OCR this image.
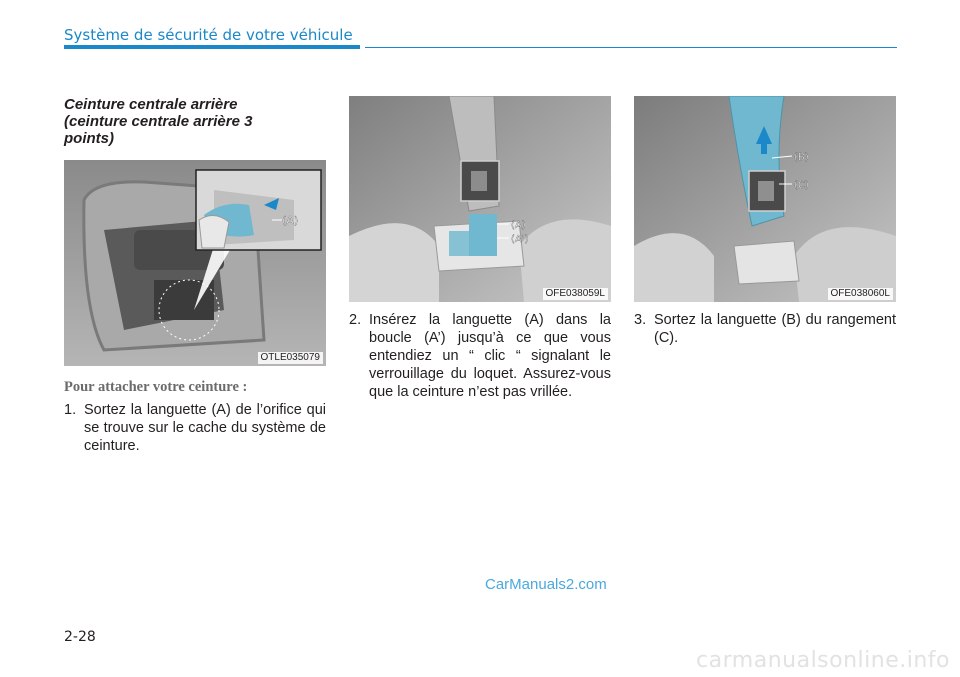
Système de sécurité de votre véhicule
Ceinture centrale arrière
(ceinture centrale arrière 3
points)
(A)
OTLE035079
Pour attacher votre ceinture :
1. Sortez la languette (A) de l’orifice qui se trouve sur le cache du système de ceinture.
(A)
(A')
OFE038059L
2. Insérez la languette (A) dans la boucle (A’) jusqu’à ce que vous entendiez un “ clic “ signalant le verrouillage du loquet. Assurez-vous que la ceinture n’est pas vrillée.
(B)
(C)
OFE038060L
3. Sortez la languette (B) du rangement (C).
CarManuals2.com
2-28
carmanualsonline.info
